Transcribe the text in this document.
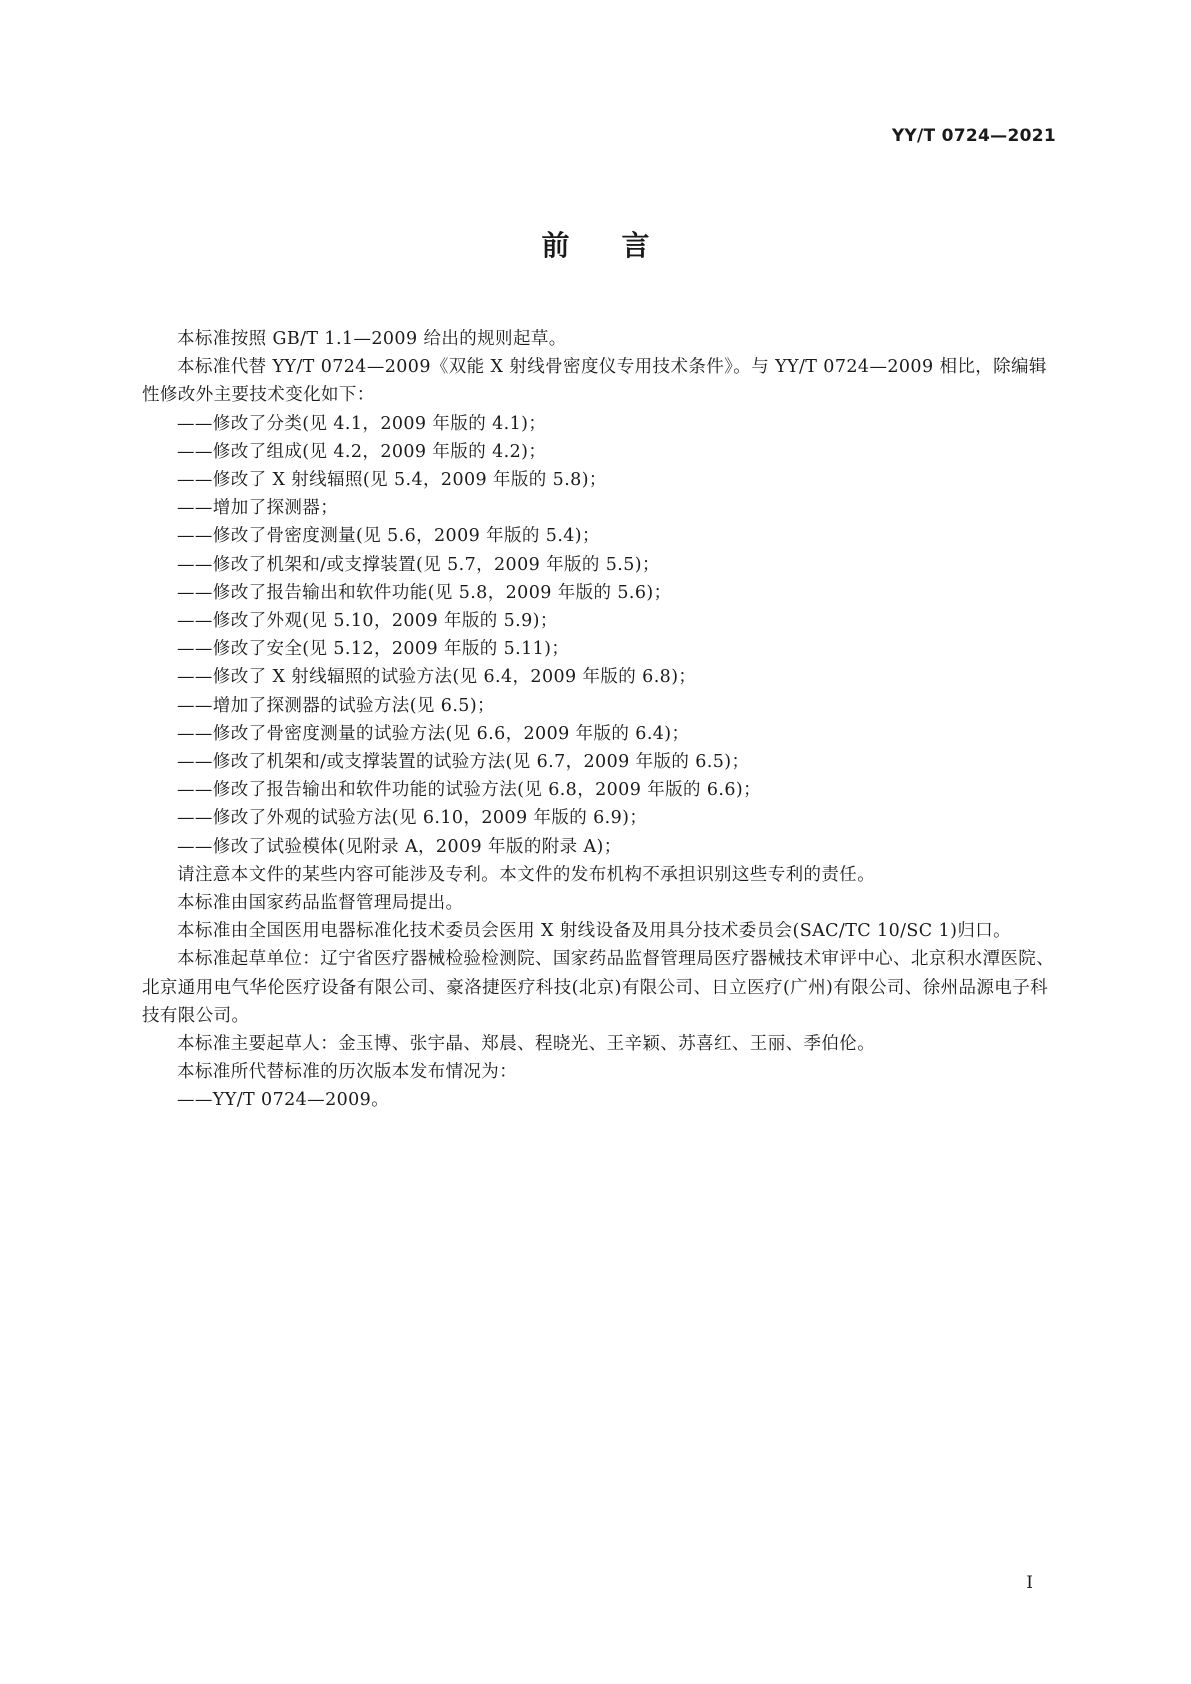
YY/T 0724—2021
前 言

本标准按照 GB/T 1.1—2009 给出的规则起草。

本标准代替 YY/T 0724—2009《双能 X 射线骨密度仪专用技术条件》。与 YY/T 0724—2009 相比，除编辑性修改外主要技术变化如下：

——修改了分类(见 4.1，2009 年版的 4.1)；

——修改了组成(见 4.2，2009 年版的 4.2)；

——修改了 X 射线辐照(见 5.4，2009 年版的 5.8)；

——增加了探测器；

——修改了骨密度测量(见 5.6，2009 年版的 5.4)；

——修改了机架和/或支撑装置(见 5.7，2009 年版的 5.5)；

——修改了报告输出和软件功能(见 5.8，2009 年版的 5.6)；

——修改了外观(见 5.10，2009 年版的 5.9)；

——修改了安全(见 5.12，2009 年版的 5.11)；

——修改了 X 射线辐照的试验方法(见 6.4，2009 年版的 6.8)；

——增加了探测器的试验方法(见 6.5)；

——修改了骨密度测量的试验方法(见 6.6，2009 年版的 6.4)；

——修改了机架和/或支撑装置的试验方法(见 6.7，2009 年版的 6.5)；

——修改了报告输出和软件功能的试验方法(见 6.8，2009 年版的 6.6)；

——修改了外观的试验方法(见 6.10，2009 年版的 6.9)；

——修改了试验模体(见附录 A，2009 年版的附录 A)；

请注意本文件的某些内容可能涉及专利。本文件的发布机构不承担识别这些专利的责任。

本标准由国家药品监督管理局提出。

本标准由全国医用电器标准化技术委员会医用 X 射线设备及用具分技术委员会(SAC/TC 10/SC 1)归口。

本标准起草单位：辽宁省医疗器械检验检测院、国家药品监督管理局医疗器械技术审评中心、北京积水潭医院、北京通用电气华伦医疗设备有限公司、豪洛捷医疗科技(北京)有限公司、日立医疗(广州)有限公司、徐州品源电子科技有限公司。

本标准主要起草人：金玉博、张宇晶、郑晨、程晓光、王辛颖、苏喜红、王丽、季伯伦。

本标准所代替标准的历次版本发布情况为：

——YY/T 0724—2009。

I
